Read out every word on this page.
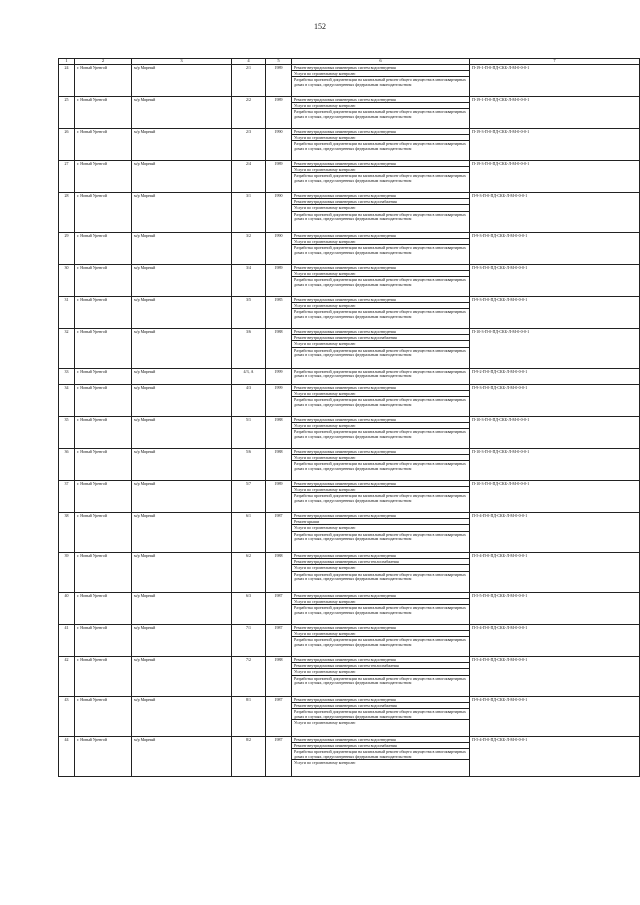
152
1	2	3	4	5	6	7
24	г. Новый Уренгой	м/р Мирный	2/1	1989	Ремонт внутридомовых инженерных систем водоотведения
Услуги по строительному контролю
Разработка проектной документации на капитальный ремонт общего имущества в многоквартирных домах в случаях, предусмотренных федеральным законодательством	П-19-1-П-0-ПД-СКБ-Л-М-0-0-0-1
25	г. Новый Уренгой	м/р Мирный	2/2	1989	Ремонт внутридомовых инженерных систем водоотведения
Услуги по строительному контролю
Разработка проектной документации на капитальный ремонт общего имущества в многоквартирных домах в случаях, предусмотренных федеральным законодательством	П-19-1-П-0-ПД-СКБ-Л-М-0-0-0-1
26	г. Новый Уренгой	м/р Мирный	2/3	1990	Ремонт внутридомовых инженерных систем водоотведения
Услуги по строительному контролю
Разработка проектной документации на капитальный ремонт общего имущества в многоквартирных домах в случаях, предусмотренных федеральным законодательством	П-19-3-П-0-ПД-СКБ-Л-М-0-0-0-1
27	г. Новый Уренгой	м/р Мирный	2/4	1989	Ремонт внутридомовых инженерных систем водоотведения
Услуги по строительному контролю
Разработка проектной документации на капитальный ремонт общего имущества в многоквартирных домах в случаях, предусмотренных федеральным законодательством	П-19-3-П-0-ПД-СКБ-Л-М-0-0-0-1
28	г. Новый Уренгой	м/р Мирный	3/1	1990	Ремонт внутридомовых инженерных систем водоотведения
Ремонт внутридомовых инженерных систем водоснабжения
Услуги по строительному контролю
Разработка проектной документации на капитальный ремонт общего имущества в многоквартирных домах в случаях, предусмотренных федеральным законодательством	П-9-3-П-0-ПД-СКБ-Л-М-0-0-0-1
29	г. Новый Уренгой	м/р Мирный	3/2	1990	Ремонт внутридомовых инженерных систем водоотведения
Услуги по строительному контролю
Разработка проектной документации на капитальный ремонт общего имущества в многоквартирных домах в случаях, предусмотренных федеральным законодательством	П-9-3-П-0-ПД-СКБ-Л-М-0-0-0-1
30	г. Новый Уренгой	м/р Мирный	3/4	1989	Ремонт внутридомовых инженерных систем водоотведения
Услуги по строительному контролю
Разработка проектной документации на капитальный ремонт общего имущества в многоквартирных домах в случаях, предусмотренных федеральным законодательством	П-9-3-П-0-ПД-СКБ-Л-М-0-0-0-1
31	г. Новый Уренгой	м/р Мирный	3/5	1985	Ремонт внутридомовых инженерных систем водоотведения
Услуги по строительному контролю
Разработка проектной документации на капитальный ремонт общего имущества в многоквартирных домах в случаях, предусмотренных федеральным законодательством	П-9-3-П-0-ПД-СКБ-Л-М-0-0-0-1
32	г. Новый Уренгой	м/р Мирный	3/6	1988	Ремонт внутридомовых инженерных систем водоотведения
Ремонт внутридомовых инженерных систем водоснабжения
Услуги по строительному контролю
Разработка проектной документации на капитальный ремонт общего имущества в многоквартирных домах в случаях, предусмотренных федеральным законодательством	П-10-3-П-0-ПД-СКБ-Л-М-0-0-0-1
33	г. Новый Уренгой	м/р Мирный	4/3, А	1999	Разработка проектной документации на капитальный ремонт общего имущества в многоквартирных домах в случаях, предусмотренных федеральным законодательством	П-9-2-П-0-ПД-СКБ-Л-М-0-0-0-1
34	г. Новый Уренгой	м/р Мирный	4/3	1999	Ремонт внутридомовых инженерных систем водоотведения
Услуги по строительному контролю
Разработка проектной документации на капитальный ремонт общего имущества в многоквартирных домах в случаях, предусмотренных федеральным законодательством	П-9-3-П-0-ПД-СКБ-Л-М-0-0-0-1
35	г. Новый Уренгой	м/р Мирный	5/1	1988	Ремонт внутридомовых инженерных систем водоотведения
Услуги по строительному контролю
Разработка проектной документации на капитальный ремонт общего имущества в многоквартирных домах в случаях, предусмотренных федеральным законодательством	П-10-3-П-0-ПД-СКБ-Л-М-0-0-0-1
36	г. Новый Уренгой	м/р Мирный	5/6	1988	Ремонт внутридомовых инженерных систем водоотведения
Услуги по строительному контролю
Разработка проектной документации на капитальный ремонт общего имущества в многоквартирных домах в случаях, предусмотренных федеральным законодательством	П-10-3-П-0-ПД-СКБ-Л-М-0-0-0-1
37	г. Новый Уренгой	м/р Мирный	5/7	1989	Ремонт внутридомовых инженерных систем водоотведения
Услуги по строительному контролю
Разработка проектной документации на капитальный ремонт общего имущества в многоквартирных домах в случаях, предусмотренных федеральным законодательством	П-10-3-П-0-ПД-СКБ-Л-М-0-0-0-1
38	г. Новый Уренгой	м/р Мирный	6/1	1987	Ремонт внутридомовых инженерных систем водоотведения
Ремонт крыши
Услуги по строительному контролю
Разработка проектной документации на капитальный ремонт общего имущества в многоквартирных домах в случаях, предусмотренных федеральным законодательством	П-5-4-П-0-ПД-СКБ-Л-М-0-0-0-1
39	г. Новый Уренгой	м/р Мирный	6/2	1988	Ремонт внутридомовых инженерных систем водоотведения
Ремонт внутридомовых инженерных систем теплоснабжения
Услуги по строительному контролю
Разработка проектной документации на капитальный ремонт общего имущества в многоквартирных домах в случаях, предусмотренных федеральным законодательством	П-5-4-П-0-ПД-СКБ-Л-М-0-0-0-1
40	г. Новый Уренгой	м/р Мирный	6/3	1987	Ремонт внутридомовых инженерных систем водоотведения
Услуги по строительному контролю
Разработка проектной документации на капитальный ремонт общего имущества в многоквартирных домах в случаях, предусмотренных федеральным законодательством	П-5-5-П-0-ПД-СКБ-Л-М-0-0-0-1
41	г. Новый Уренгой	м/р Мирный	7/1	1987	Ремонт внутридомовых инженерных систем водоотведения
Услуги по строительному контролю
Разработка проектной документации на капитальный ремонт общего имущества в многоквартирных домах в случаях, предусмотренных федеральным законодательством	П-5-4-П-0-ПД-СКБ-Л-М-0-0-0-1
42	г. Новый Уренгой	м/р Мирный	7/2	1988	Ремонт внутридомовых инженерных систем водоотведения
Ремонт внутридомовых инженерных систем теплоснабжения
Услуги по строительному контролю
Разработка проектной документации на капитальный ремонт общего имущества в многоквартирных домах в случаях, предусмотренных федеральным законодательством	П-5-4-П-0-ПД-СКБ-Л-М-0-0-0-1
43	г. Новый Уренгой	м/р Мирный	8/1	1987	Ремонт внутридомовых инженерных систем водоотведения
Ремонт внутридомовых инженерных систем водоснабжения
Разработка проектной документации на капитальный ремонт общего имущества в многоквартирных домах в случаях, предусмотренных федеральным законодательством
Услуги по строительному контролю	П-9-4-П-0-ПД-СКБ-Л-М-0-0-0-1
44	г. Новый Уренгой	м/р Мирный	8/2	1987	Ремонт внутридомовых инженерных систем водоотведения
Ремонт внутридомовых инженерных систем водоснабжения
Разработка проектной документации на капитальный ремонт общего имущества в многоквартирных домах в случаях, предусмотренных федеральным законодательством
Услуги по строительному контролю	П-5-4-П-0-ПД-СКБ-Л-М-0-0-0-1
